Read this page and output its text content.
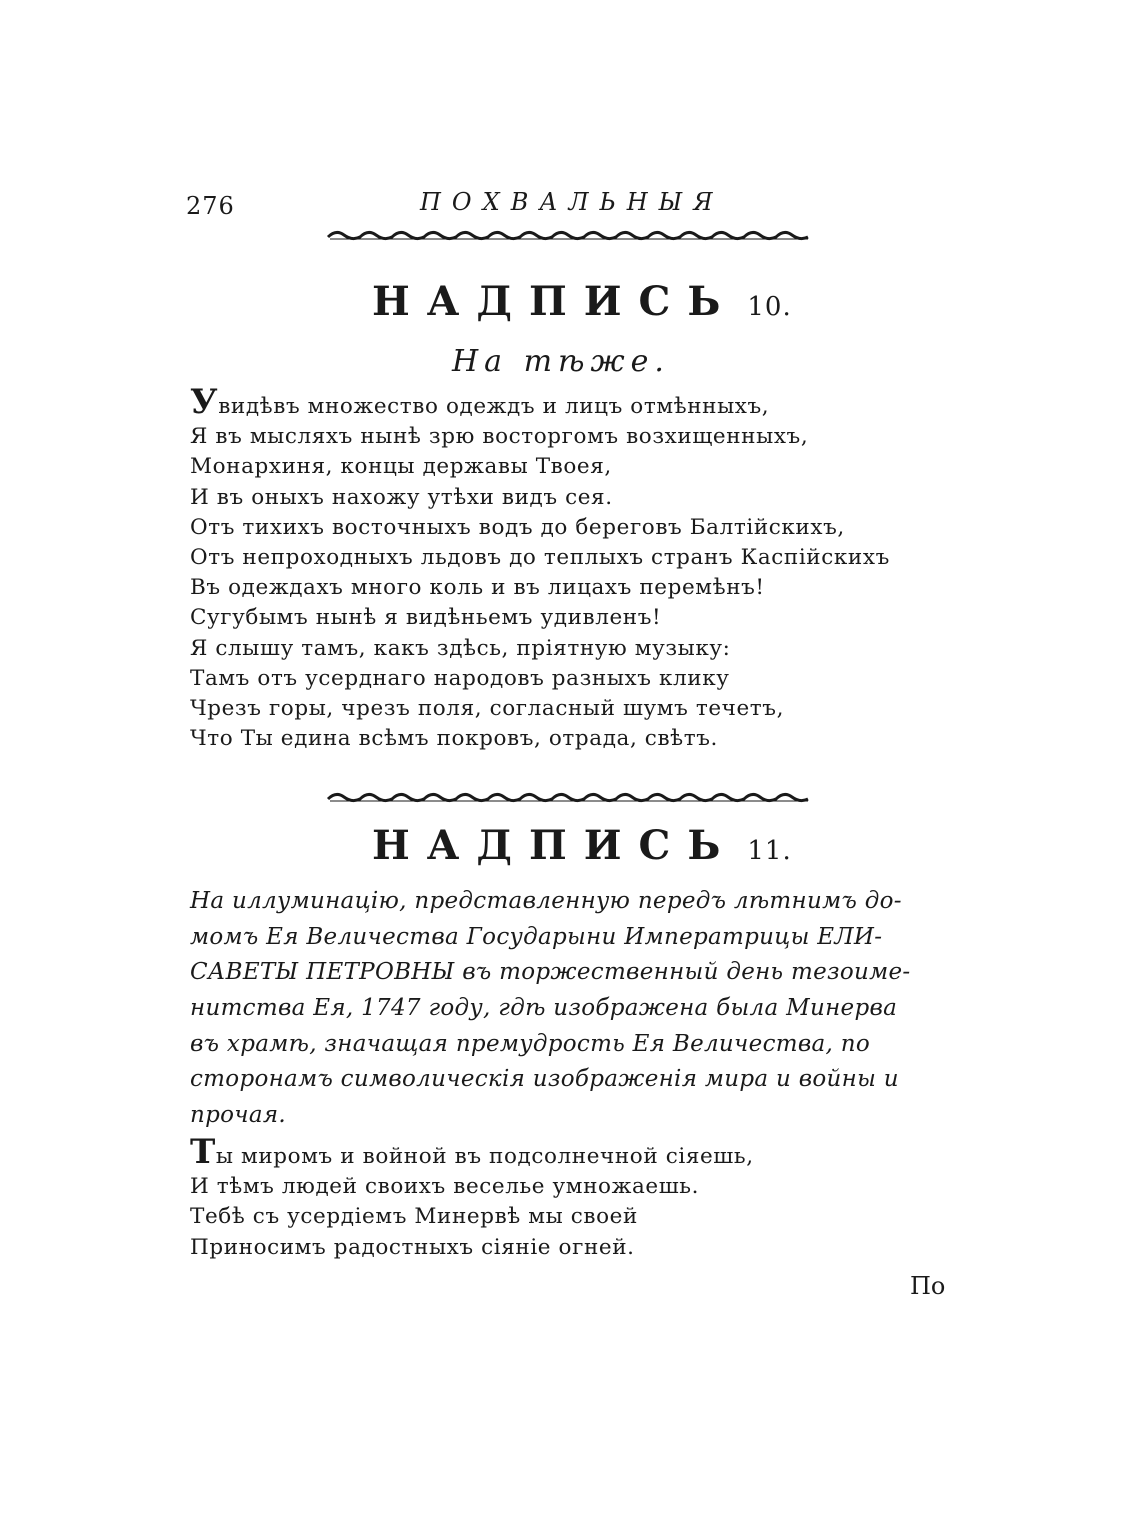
276	ПОХВАЛЬНЫЯ
НАДПИСЬ 10.
На тѣже.
Увидѣвъ множество одеждъ и лицъ отмѣнныхъ,
Я въ мысляхъ нынѣ зрю восторгомъ возхищенныхъ,
Монархиня, концы державы Твоея,
И въ оныхъ нахожу утѣхи видъ сея.
Отъ тихихъ восточныхъ водъ до береговъ Балтійскихъ,
Отъ непроходныхъ льдовъ до теплыхъ странъ Каспійскихъ
Въ одеждахъ много коль и въ лицахъ перемѣнъ!
Сугубымъ нынѣ я видѣньемъ удивленъ!
Я слышу тамъ, какъ здѣсь, пріятную музыку:
Тамъ отъ усерднаго народовъ разныхъ клику
Чрезъ горы, чрезъ поля, согласный шумъ течетъ,
Что Ты едина всѣмъ покровъ, отрада, свѣтъ.
НАДПИСЬ 11.
На иллуминацію, представленную передъ лѣтнимъ до-
момъ Ея Величества Государыни Императрицы ЕЛИ-
САВЕТЫ ПЕТРОВНЫ въ торжественный день тезоиме-
нитства Ея, 1747 году, гдѣ изображена была Минерва
въ храмѣ, значащая премудрость Ея Величества, по
сторонамъ символическія изображенія мира и войны и
прочая.
Ты миромъ и войной въ подсолнечной сіяешь,
И тѣмъ людей своихъ веселье умножаешь.
Тебѣ съ усердіемъ Минервѣ мы своей
Приносимъ радостныхъ сіяніе огней.
По
